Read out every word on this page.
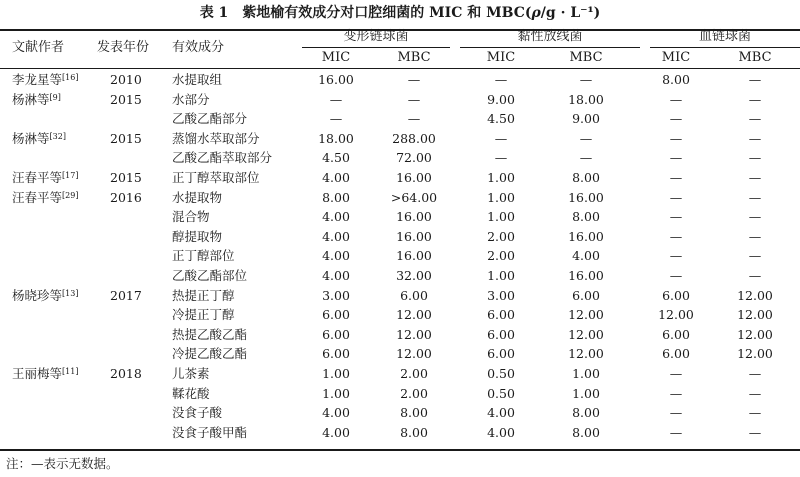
表 1 紫地榆有效成分对口腔细菌的 MIC 和 MBC(ρ/g · L⁻¹)
文献作者	发表年份 有效成分
变形链球菌	黏性放线菌	血链球菌
MIC	MBC	MIC	MBC	MIC	MBC
李龙星等[16]	2010 水提取组	16.00	—	—	—	8.00	—
杨淋等[9]	2015 水部分	—	—	9.00	18.00	—	—
乙酸乙酯部分	—	—	4.50	9.00	—	—
杨淋等[32]	2015 蒸馏水萃取部分	18.00	288.00	—	—	—	—
乙酸乙酯萃取部分	4.50	72.00	—	—	—	—
汪春平等[17]	2015 正丁醇萃取部位	4.00	16.00	1.00	8.00	—	—
汪春平等[29]	2016 水提取物	8.00	>64.00	1.00	16.00	—	—
混合物	4.00	16.00	1.00	8.00	—	—
醇提取物	4.00	16.00	2.00	16.00	—	—
正丁醇部位	4.00	16.00	2.00	4.00	—	—
乙酸乙酯部位	4.00	32.00	1.00	16.00	—	—
杨晓珍等[13]	2017 热提正丁醇	3.00	6.00	3.00	6.00	6.00	12.00
冷提正丁醇	6.00	12.00	6.00	12.00	12.00	12.00
热提乙酸乙酯	6.00	12.00	6.00	12.00	6.00	12.00
冷提乙酸乙酯	6.00	12.00	6.00	12.00	6.00	12.00
王丽梅等[11]	2018 儿茶素	1.00	2.00	0.50	1.00	—	—
鞣花酸	1.00	2.00	0.50	1.00	—	—
没食子酸	4.00	8.00	4.00	8.00	—	—
没食子酸甲酯	4.00	8.00	4.00	8.00	—	—
注：—表示无数据。
